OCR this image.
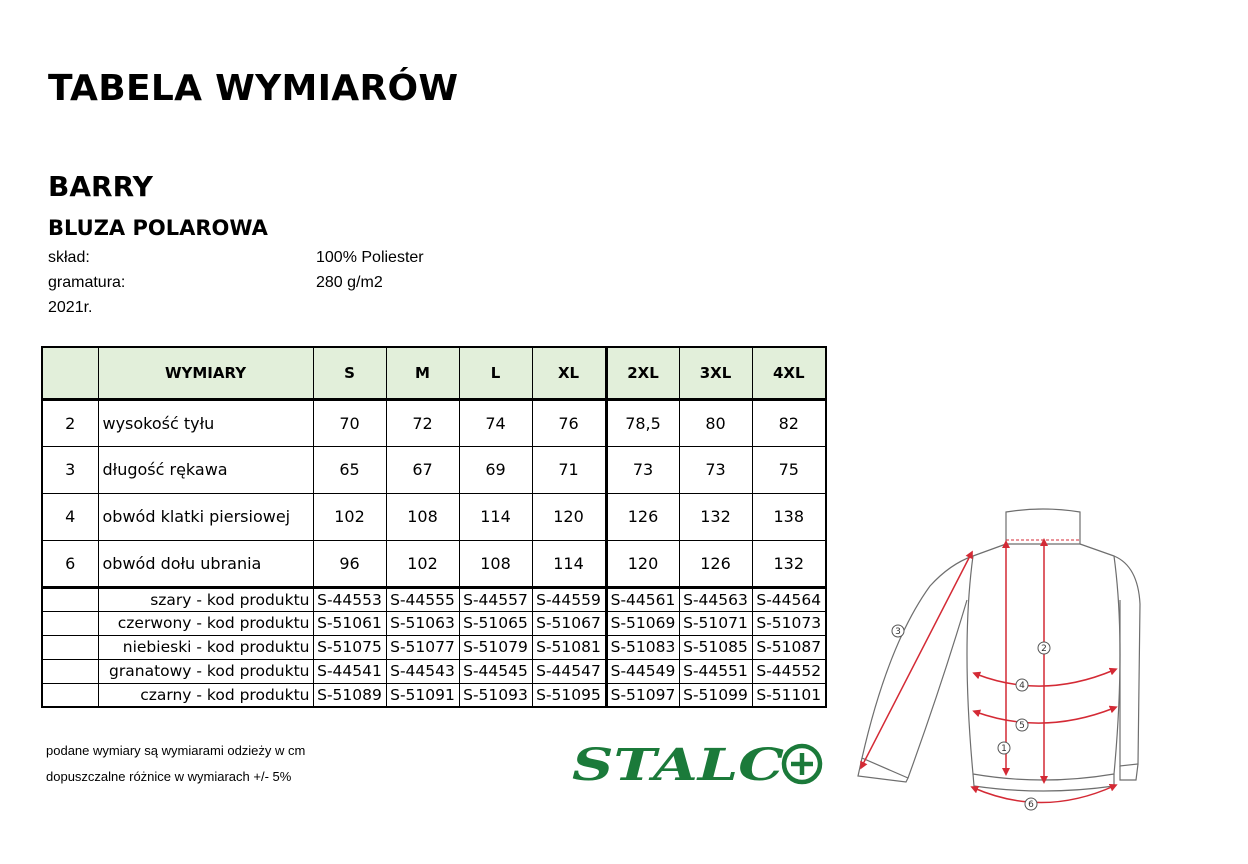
TABELA WYMIARÓW
BARRY
BLUZA POLAROWA
skład:	100% Poliester
gramatura:	280 g/m2
2021r.
	WYMIARY	S	M	L	XL	2XL	3XL	4XL
2	wysokość tyłu	70	72	74	76	78,5	80	82
3	długość rękawa	65	67	69	71	73	73	75
4	obwód klatki piersiowej	102	108	114	120	126	132	138
6	obwód dołu ubrania	96	102	108	114	120	126	132
	szary - kod produktu	S-44553	S-44555	S-44557	S-44559	S-44561	S-44563	S-44564
	czerwony - kod produktu	S-51061	S-51063	S-51065	S-51067	S-51069	S-51071	S-51073
	niebieski - kod produktu	S-51075	S-51077	S-51079	S-51081	S-51083	S-51085	S-51087
	granatowy - kod produktu	S-44541	S-44543	S-44545	S-44547	S-44549	S-44551	S-44552
	czarny - kod produktu	S-51089	S-51091	S-51093	S-51095	S-51097	S-51099	S-51101
podane wymiary są wymiarami odzieży w cm
dopuszczalne różnice w wymiarach +/- 5%	STALC	1
2
3
4
5
6
